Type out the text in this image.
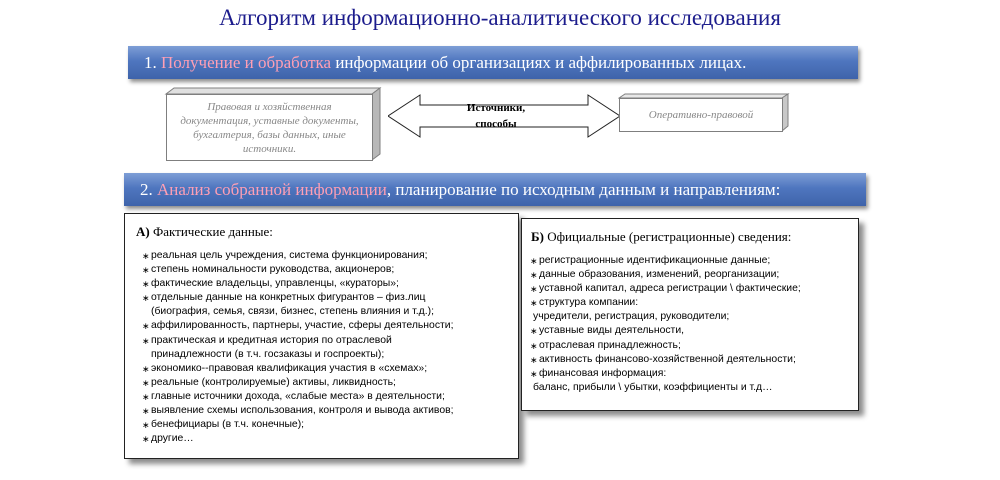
Алгоритм информационно-аналитического исследования
1. Получение и обработка информации об организациях и аффилированных лицах.
Правовая и хозяйственная документация, уставные документы, бухгалтерия, базы данных, иные источники.
Источники,
способы
Оперативно-правовой
2. Анализ собранной информации, планирование по исходным данным и направлениям:
А) Фактические данные:
∗ реальная цель учреждения, система функционирования;
∗ степень номинальности руководства, акционеров;
∗ фактические владельцы, управленцы, «кураторы»;
∗ отдельные данные на конкретных фигурантов – физ.лиц
(биография, семья, связи, бизнес, степень влияния и т.д.);
∗ аффилированность, партнеры, участие, сферы деятельности;
∗ практическая и кредитная история по отраслевой
принадлежности (в т.ч. госзаказы и госпроекты);
∗ экономико--правовая квалификация участия в «схемах»;
∗ реальные (контролируемые) активы, ликвидность;
∗ главные источники дохода, «слабые места» в деятельности;
∗ выявление схемы использования, контроля и вывода активов;
∗ бенефициары (в т.ч. конечные);
∗ другие…
Б) Официальные (регистрационные) сведения:
∗ регистрационные идентификационные данные;
∗ данные образования, изменений, реорганизации;
∗ уставной капитал, адреса регистрации \ фактические;
∗ структура компании:
учредители, регистрация, руководители;
∗ уставные виды деятельности,
∗ отраслевая принадлежность;
∗ активность финансово-хозяйственной деятельности;
∗ финансовая информация:
баланс, прибыли \ убытки, коэффициенты и т.д…
